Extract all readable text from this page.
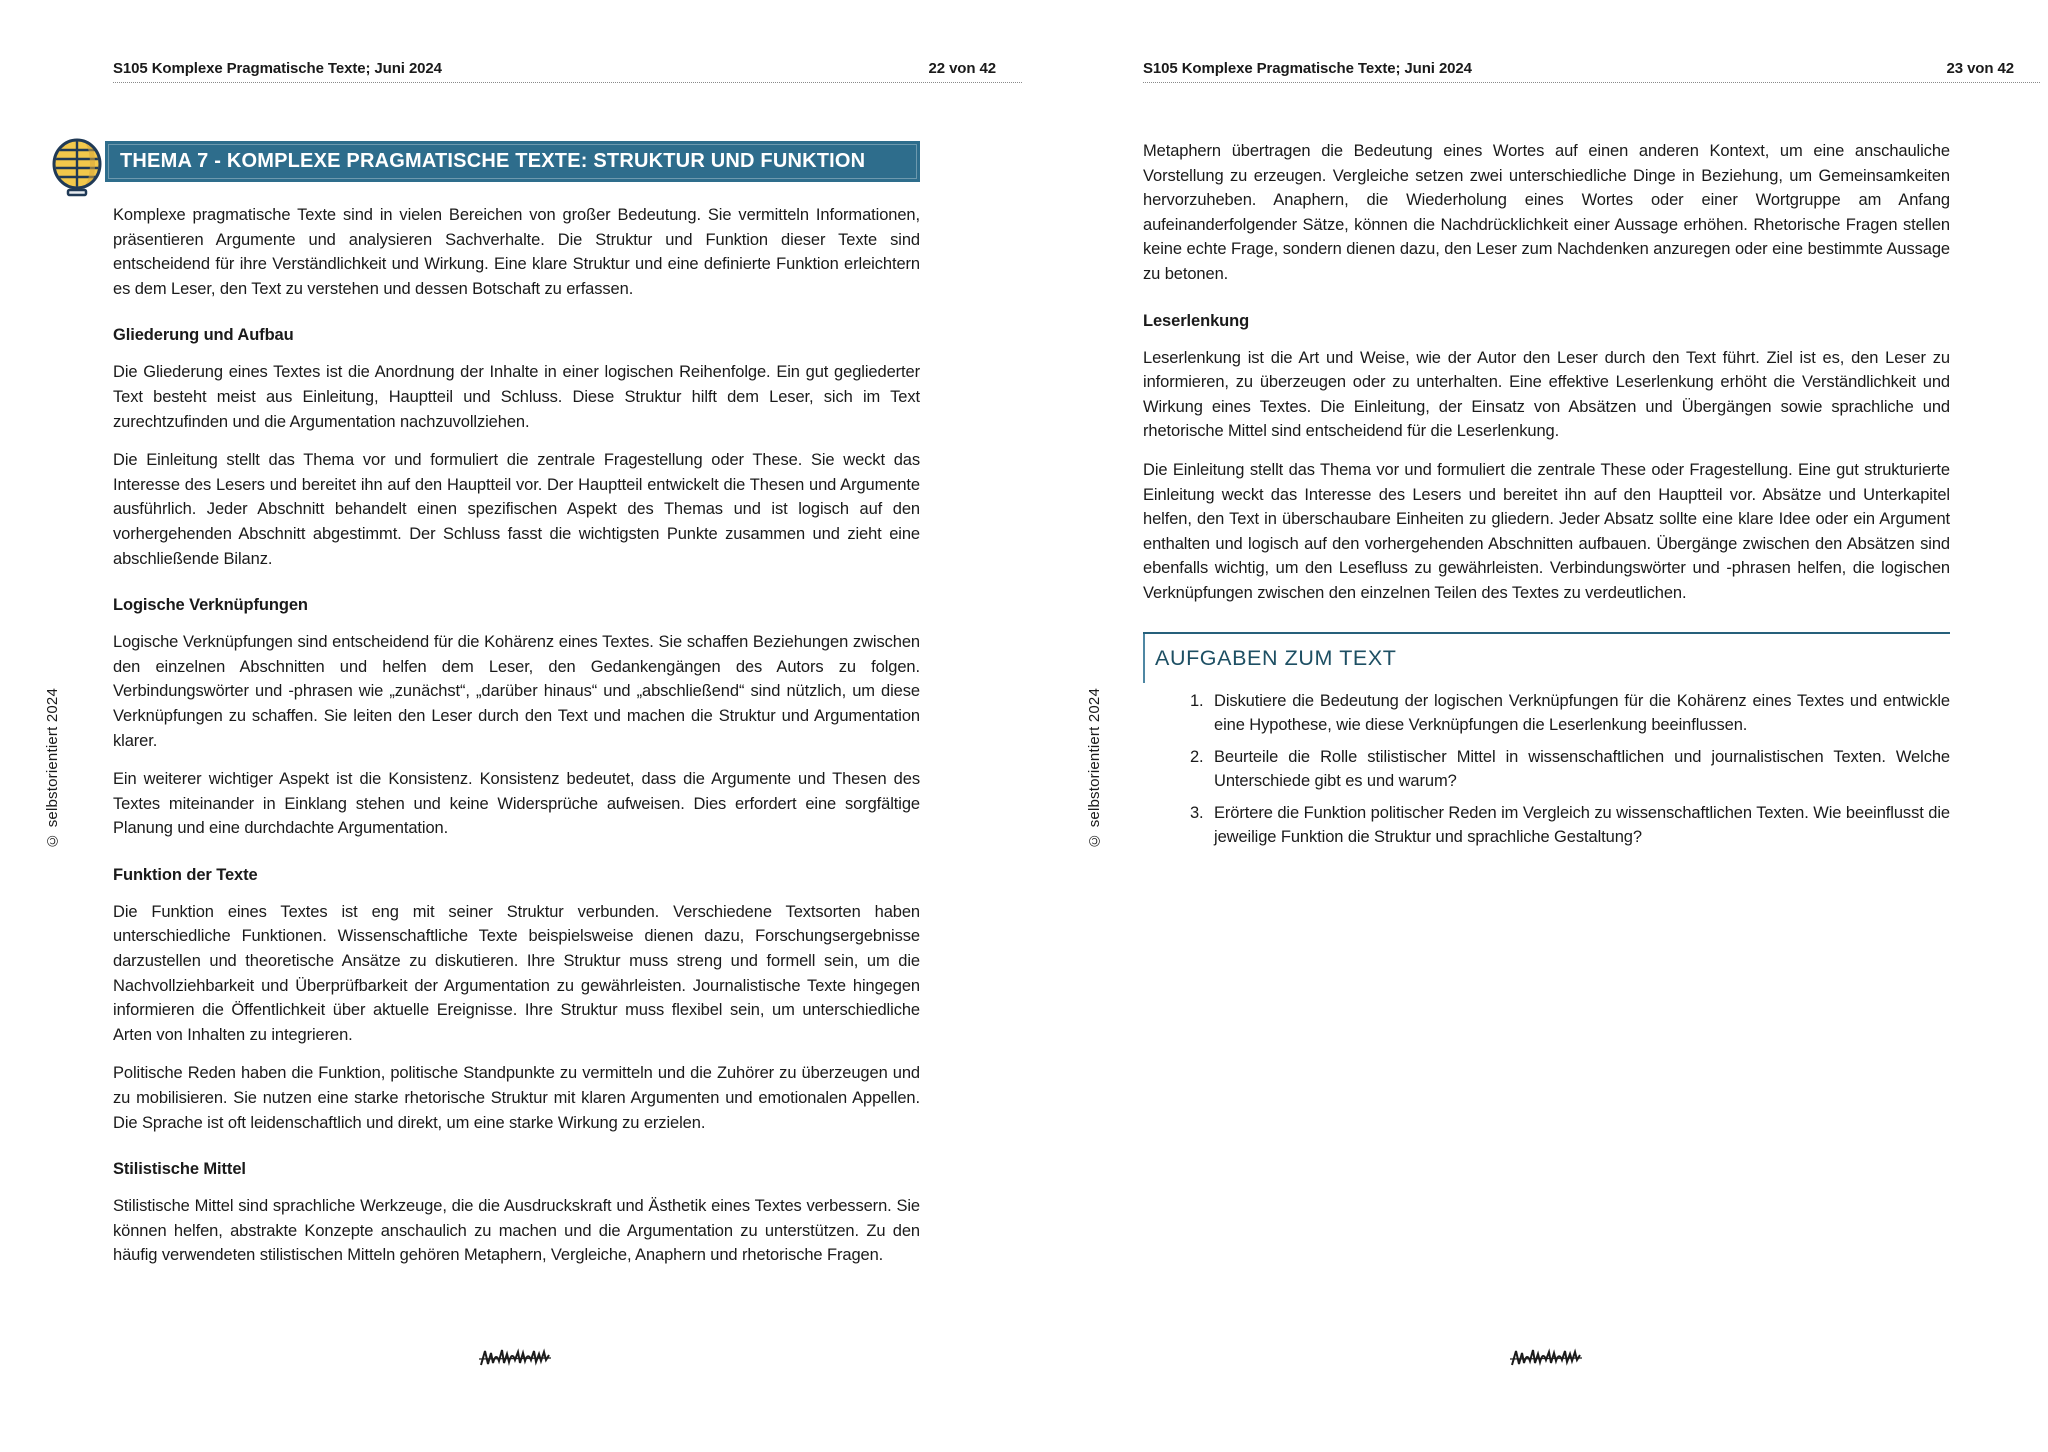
S105 Komplexe Pragmatische Texte; Juni 2024	22 von 42
THEMA 7 - KOMPLEXE PRAGMATISCHE TEXTE: STRUKTUR UND FUNKTION

Komplexe pragmatische Texte sind in vielen Bereichen von großer Bedeutung. Sie vermitteln Informationen, präsentieren Argumente und analysieren Sachverhalte. Die Struktur und Funktion dieser Texte sind entscheidend für ihre Verständlichkeit und Wirkung. Eine klare Struktur und eine definierte Funktion erleichtern es dem Leser, den Text zu verstehen und dessen Botschaft zu erfassen.

Gliederung und Aufbau

Die Gliederung eines Textes ist die Anordnung der Inhalte in einer logischen Reihenfolge. Ein gut gegliederter Text besteht meist aus Einleitung, Hauptteil und Schluss. Diese Struktur hilft dem Leser, sich im Text zurechtzufinden und die Argumentation nachzuvollziehen.

Die Einleitung stellt das Thema vor und formuliert die zentrale Fragestellung oder These. Sie weckt das Interesse des Lesers und bereitet ihn auf den Hauptteil vor. Der Hauptteil entwickelt die Thesen und Argumente ausführlich. Jeder Abschnitt behandelt einen spezifischen Aspekt des Themas und ist logisch auf den vorhergehenden Abschnitt abgestimmt. Der Schluss fasst die wichtigsten Punkte zusammen und zieht eine abschließende Bilanz.

Logische Verknüpfungen

Logische Verknüpfungen sind entscheidend für die Kohärenz eines Textes. Sie schaffen Beziehungen zwischen den einzelnen Abschnitten und helfen dem Leser, den Gedankengängen des Autors zu folgen. Verbindungswörter und -phrasen wie „zunächst“, „darüber hinaus“ und „abschließend“ sind nützlich, um diese Verknüpfungen zu schaffen. Sie leiten den Leser durch den Text und machen die Struktur und Argumentation klarer.

Ein weiterer wichtiger Aspekt ist die Konsistenz. Konsistenz bedeutet, dass die Argumente und Thesen des Textes miteinander in Einklang stehen und keine Widersprüche aufweisen. Dies erfordert eine sorgfältige Planung und eine durchdachte Argumentation.

Funktion der Texte

Die Funktion eines Textes ist eng mit seiner Struktur verbunden. Verschiedene Textsorten haben unterschiedliche Funktionen. Wissenschaftliche Texte beispielsweise dienen dazu, Forschungsergebnisse darzustellen und theoretische Ansätze zu diskutieren. Ihre Struktur muss streng und formell sein, um die Nachvollziehbarkeit und Überprüfbarkeit der Argumentation zu gewährleisten. Journalistische Texte hingegen informieren die Öffentlichkeit über aktuelle Ereignisse. Ihre Struktur muss flexibel sein, um unterschiedliche Arten von Inhalten zu integrieren.

Politische Reden haben die Funktion, politische Standpunkte zu vermitteln und die Zuhörer zu überzeugen und zu mobilisieren. Sie nutzen eine starke rhetorische Struktur mit klaren Argumenten und emotionalen Appellen. Die Sprache ist oft leidenschaftlich und direkt, um eine starke Wirkung zu erzielen.

Stilistische Mittel

Stilistische Mittel sind sprachliche Werkzeuge, die die Ausdruckskraft und Ästhetik eines Textes verbessern. Sie können helfen, abstrakte Konzepte anschaulich zu machen und die Argumentation zu unterstützen. Zu den häufig verwendeten stilistischen Mitteln gehören Metaphern, Vergleiche, Anaphern und rhetorische Fragen.

© selbstorientiert 2024
S105 Komplexe Pragmatische Texte; Juni 2024	23 von 42

Metaphern übertragen die Bedeutung eines Wortes auf einen anderen Kontext, um eine anschauliche Vorstellung zu erzeugen. Vergleiche setzen zwei unterschiedliche Dinge in Beziehung, um Gemeinsamkeiten hervorzuheben. Anaphern, die Wiederholung eines Wortes oder einer Wortgruppe am Anfang aufeinanderfolgender Sätze, können die Nachdrücklichkeit einer Aussage erhöhen. Rhetorische Fragen stellen keine echte Frage, sondern dienen dazu, den Leser zum Nachdenken anzuregen oder eine bestimmte Aussage zu betonen.

Leserlenkung

Leserlenkung ist die Art und Weise, wie der Autor den Leser durch den Text führt. Ziel ist es, den Leser zu informieren, zu überzeugen oder zu unterhalten. Eine effektive Leserlenkung erhöht die Verständlichkeit und Wirkung eines Textes. Die Einleitung, der Einsatz von Absätzen und Übergängen sowie sprachliche und rhetorische Mittel sind entscheidend für die Leserlenkung.

Die Einleitung stellt das Thema vor und formuliert die zentrale These oder Fragestellung. Eine gut strukturierte Einleitung weckt das Interesse des Lesers und bereitet ihn auf den Hauptteil vor. Absätze und Unterkapitel helfen, den Text in überschaubare Einheiten zu gliedern. Jeder Absatz sollte eine klare Idee oder ein Argument enthalten und logisch auf den vorhergehenden Abschnitten aufbauen. Übergänge zwischen den Absätzen sind ebenfalls wichtig, um den Lesefluss zu gewährleisten. Verbindungswörter und -phrasen helfen, die logischen Verknüpfungen zwischen den einzelnen Teilen des Textes zu verdeutlichen.

AUFGABEN ZUM TEXT
1. Diskutiere die Bedeutung der logischen Verknüpfungen für die Kohärenz eines Textes und entwickle eine Hypothese, wie diese Verknüpfungen die Leserlenkung beeinflussen.
2. Beurteile die Rolle stilistischer Mittel in wissenschaftlichen und journalistischen Texten. Welche Unterschiede gibt es und warum?
3. Erörtere die Funktion politischer Reden im Vergleich zu wissenschaftlichen Texten. Wie beeinflusst die jeweilige Funktion die Struktur und sprachliche Gestaltung?
© selbstorientiert 2024
